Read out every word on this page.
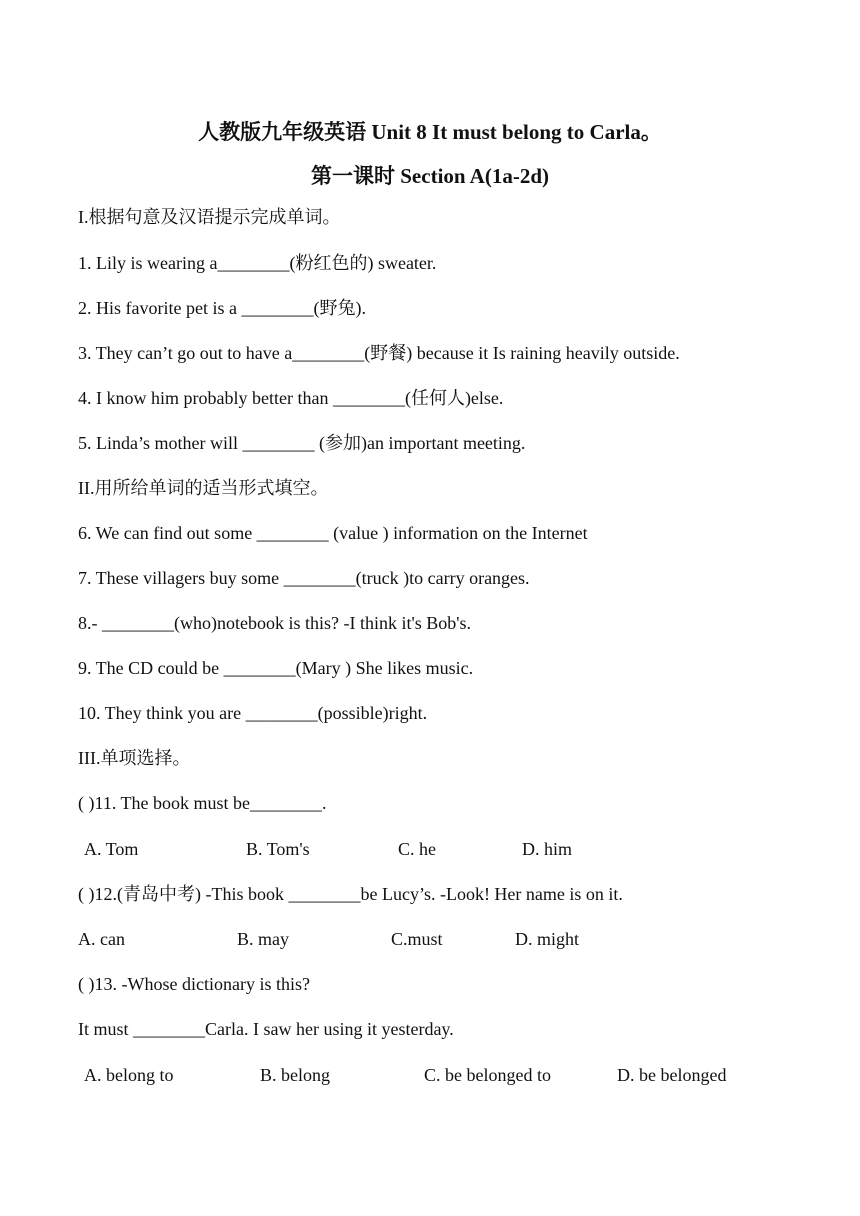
人教版九年级英语 Unit 8 It must belong to Carla。
第一课时 Section A(1a-2d)
I.根据句意及汉语提示完成单词。
1. Lily is wearing a________(粉红色的) sweater.
2. His favorite pet is a ________(野兔).
3. They can’t go out to have a________(野餐) because it Is raining heavily outside.
4. I know him probably better than ________(任何人)else.
5. Linda’s mother will ________ (参加)an important meeting.
II.用所给单词的适当形式填空。
6. We can find out some ________ (value ) information on the Internet
7. These villagers buy some ________(truck )to carry oranges.
8.- ________(who)notebook is this? -I think it's Bob's.
9. The CD could be ________(Mary ) She likes music.
10. They think you are ________(possible)right.
III.单项选择。
( )11. The book must be________.
A. Tom	B. Tom's	C. he	D. him
( )12.(青岛中考) -This book ________be Lucy’s. -Look! Her name is on it.
A. can	B. may	C.must	D. might
( )13. -Whose dictionary is this?
It must ________Carla. I saw her using it yesterday.
A. belong to	B. belong	C. be belonged to	D. be belonged
